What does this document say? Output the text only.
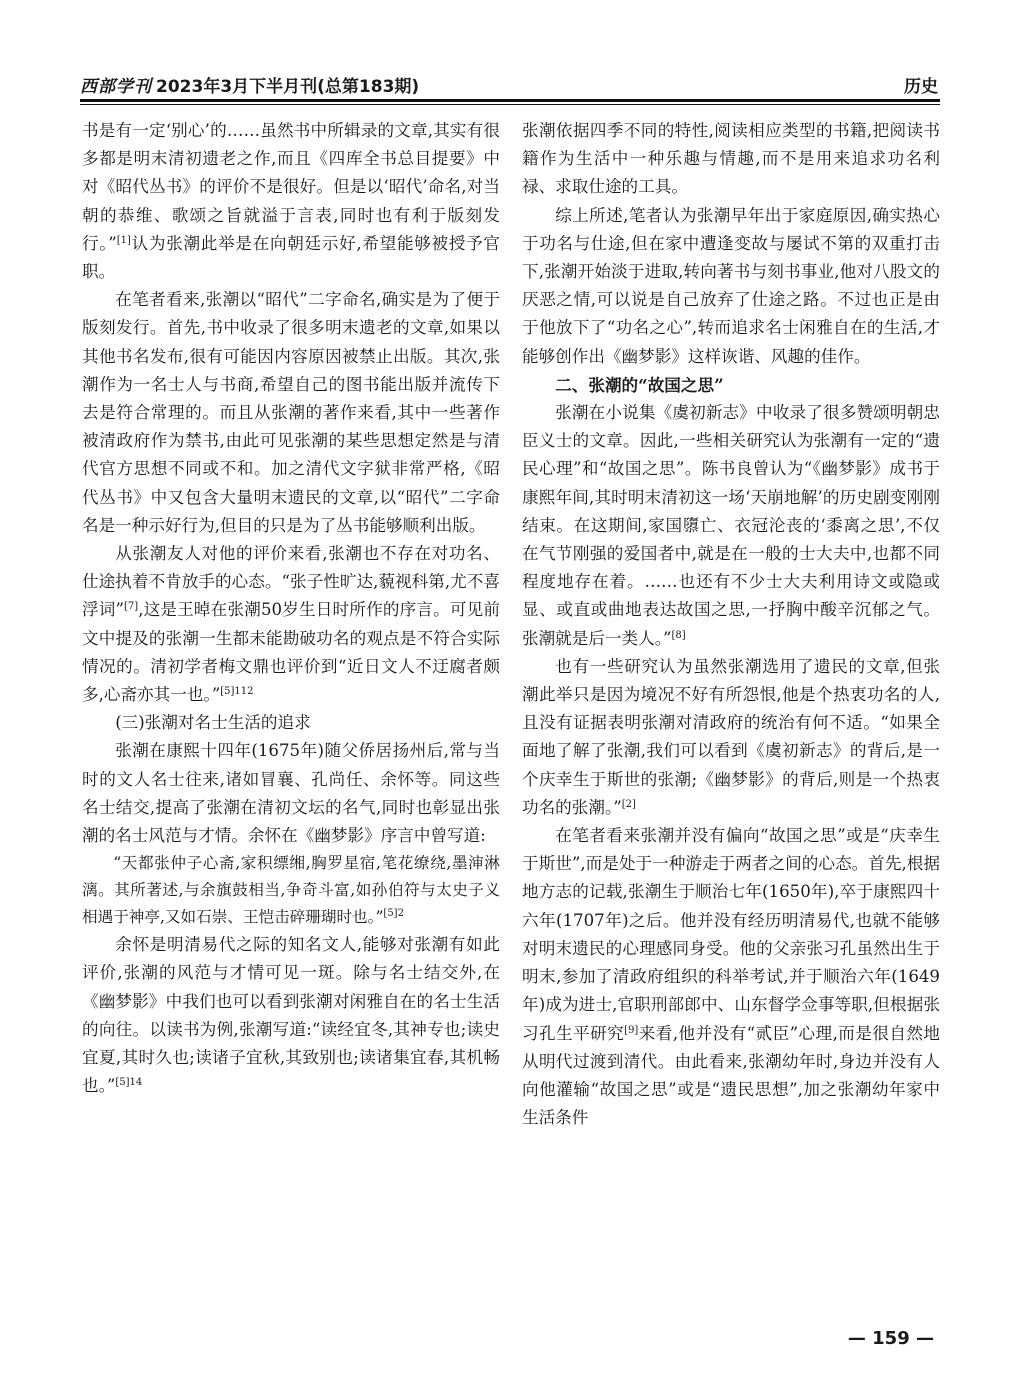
西部学刊 2023年3月下半月刊(总第183期)	历史

书是有一定‘别心’的……虽然书中所辑录的文章,其实有很多都是明末清初遗老之作,而且《四库全书总目提要》中对《昭代丛书》的评价不是很好。但是以‘昭代’命名,对当朝的恭维、歌颂之旨就溢于言表,同时也有利于版刻发行。”[1]认为张潮此举是在向朝廷示好,希望能够被授予官职。

在笔者看来,张潮以“昭代”二字命名,确实是为了便于版刻发行。首先,书中收录了很多明末遗老的文章,如果以其他书名发布,很有可能因内容原因被禁止出版。其次,张潮作为一名士人与书商,希望自己的图书能出版并流传下去是符合常理的。而且从张潮的著作来看,其中一些著作被清政府作为禁书,由此可见张潮的某些思想定然是与清代官方思想不同或不和。加之清代文字狱非常严格,《昭代丛书》中又包含大量明末遗民的文章,以“昭代”二字命名是一种示好行为,但目的只是为了丛书能够顺利出版。

从张潮友人对他的评价来看,张潮也不存在对功名、仕途执着不肯放手的心态。“张子性旷达,藐视科第,尤不喜浮词”[7],这是王晫在张潮50岁生日时所作的序言。可见前文中提及的张潮一生都未能勘破功名的观点是不符合实际情况的。清初学者梅文鼎也评价到“近日文人不迂腐者颇多,心斋亦其一也。”$^{[5]112}$

(三)张潮对名士生活的追求

张潮在康熙十四年(1675年)随父侨居扬州后,常与当时的文人名士往来,诸如冒襄、孔尚任、余怀等。同这些名士结交,提高了张潮在清初文坛的名气,同时也彰显出张潮的名士风范与才情。余怀在《幽梦影》序言中曾写道:

“天都张仲子心斋,家积缥缃,胸罗星宿,笔花缭绕,墨渖淋漓。其所著述,与余旗鼓相当,争奇斗富,如孙伯符与太史子义相遇于神亭,又如石崇、王恺击碎珊瑚时也。”$^{[5]2}$

余怀是明清易代之际的知名文人,能够对张潮有如此评价,张潮的风范与才情可见一斑。除与名士结交外,在《幽梦影》中我们也可以看到张潮对闲雅自在的名士生活的向往。以读书为例,张潮写道:“读经宜冬,其神专也;读史宜夏,其时久也;读诸子宜秋,其致别也;读诸集宜春,其机畅也。”$^{[5]14}$

张潮依据四季不同的特性,阅读相应类型的书籍,把阅读书籍作为生活中一种乐趣与情趣,而不是用来追求功名利禄、求取仕途的工具。

综上所述,笔者认为张潮早年出于家庭原因,确实热心于功名与仕途,但在家中遭逢变故与屡试不第的双重打击下,张潮开始淡于进取,转向著书与刻书事业,他对八股文的厌恶之情,可以说是自己放弃了仕途之路。不过也正是由于他放下了“功名之心”,转而追求名士闲雅自在的生活,才能够创作出《幽梦影》这样诙谐、风趣的佳作。

二、张潮的“故国之思”

张潮在小说集《虞初新志》中收录了很多赞颂明朝忠臣义士的文章。因此,一些相关研究认为张潮有一定的“遗民心理”和“故国之思”。陈书良曾认为“《幽梦影》成书于康熙年间,其时明末清初这一场‘天崩地解’的历史剧变刚刚结束。在这期间,家国隳亡、衣冠沦丧的‘黍离之思’,不仅在气节刚强的爱国者中,就是在一般的士大夫中,也都不同程度地存在着。……也还有不少士大夫利用诗文或隐或显、或直或曲地表达故国之思,一抒胸中酸辛沉郁之气。张潮就是后一类人。”[8]

也有一些研究认为虽然张潮选用了遗民的文章,但张潮此举只是因为境况不好有所怨恨,他是个热衷功名的人,且没有证据表明张潮对清政府的统治有何不适。“如果全面地了解了张潮,我们可以看到《虞初新志》的背后,是一个庆幸生于斯世的张潮;《幽梦影》的背后,则是一个热衷功名的张潮。”[2]

在笔者看来张潮并没有偏向“故国之思”或是“庆幸生于斯世”,而是处于一种游走于两者之间的心态。首先,根据地方志的记载,张潮生于顺治七年(1650年),卒于康熙四十六年(1707年)之后。他并没有经历明清易代,也就不能够对明末遗民的心理感同身受。他的父亲张习孔虽然出生于明末,参加了清政府组织的科举考试,并于顺治六年(1649年)成为进士,官职刑部郎中、山东督学佥事等职,但根据张习孔生平研究[9]来看,他并没有“贰臣”心理,而是很自然地从明代过渡到清代。由此看来,张潮幼年时,身边并没有人向他灌输“故国之思”或是“遗民思想”,加之张潮幼年家中生活条件

— 159 —
